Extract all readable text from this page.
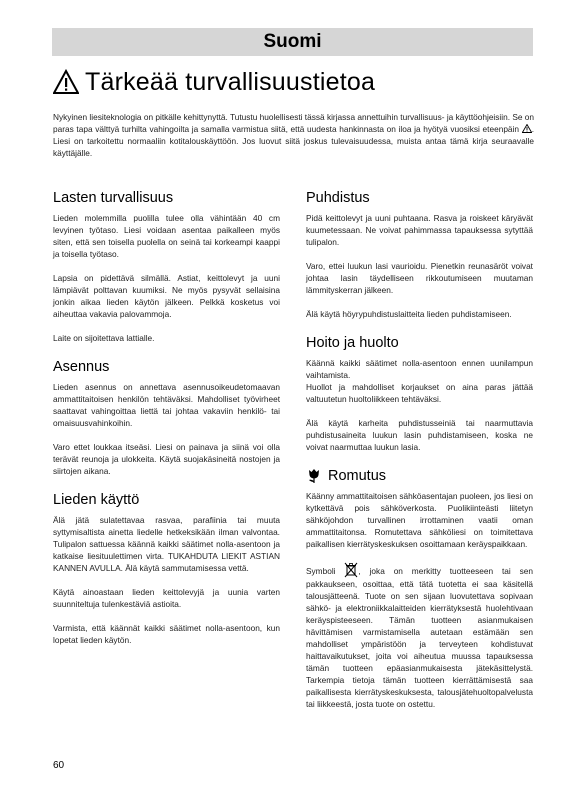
Suomi
Tärkeää turvallisuustietoa
Nykyinen liesiteknologia on pitkälle kehittynyttä. Tutustu huolellisesti tässä kirjassa annettuihin turvallisuus- ja käyttöohjeisiin. Se on paras tapa välttyä turhilta vahingoilta ja samalla varmistua siitä, että uudesta hankinnasta on iloa ja hyötyä vuosiksi eteenpäin . Liesi on tarkoitettu normaaliin kotitalouskäyttöön. Jos luovut siitä joskus tulevaisuudessa, muista antaa tämä kirja seuraavalle käyttäjälle.
Lasten turvallisuus

Lieden molemmilla puolilla tulee olla vähintään 40 cm levyinen työtaso. Liesi voidaan asentaa paikalleen myös siten, että sen toisella puolella on seinä tai korkeampi kaappi ja toisella työtaso.

Lapsia on pidettävä silmällä. Astiat, keittolevyt ja uuni lämpiävät polttavan kuumiksi. Ne myös pysyvät sellaisina jonkin aikaa lieden käytön jälkeen. Pelkkä kosketus voi aiheuttaa vakavia palovammoja.

Laite on sijoitettava lattialle.

Asennus

Lieden asennus on annettava asennusoikeudetomaavan ammattitaitoisen henkilön tehtäväksi. Mahdolliset työvirheet saattavat vahingoittaa liettä tai johtaa vakaviin henkilö- tai omaisuusvahinkoihin.

Varo ettet loukkaa itseäsi. Liesi on painava ja siinä voi olla terävät reunoja ja ulokkeita. Käytä suojakäsineitä nostojen ja siirtojen aikana.

Lieden käyttö

Älä jätä sulatettavaa rasvaa, parafiinia tai muuta syttymisaltista ainetta liedelle hetkeksikään ilman valvontaa. Tulipalon sattuessa käännä kaikki säätimet nolla-asentoon ja katkaise liesituulettimen virta. TUKAHDUTA LIEKIT ASTIAN KANNEN AVULLA. Älä käytä sammutamisessa vettä.

Käytä ainoastaan lieden keittolevyjä ja uunia varten suunniteltuja tulenkestäviä astioita.

Varmista, että käännät kaikki säätimet nolla-asentoon, kun lopetat lieden käytön.

Puhdistus

Pidä keittolevyt ja uuni puhtaana. Rasva ja roiskeet käryävät kuumetessaan. Ne voivat pahimmassa tapauksessa sytyttää tulipalon.

Varo, ettei luukun lasi vaurioidu. Pienetkin reunasäröt voivat johtaa lasin täydelliseen rikkoutumiseen muutaman lämmityskerran jälkeen.

Älä käytä höyrypuhdistuslaitteita lieden puhdistamiseen.

Hoito ja huolto

Käännä kaikki säätimet nolla-asentoon ennen uunilampun vaihtamista.

Huollot ja mahdolliset korjaukset on aina paras jättää valtuutetun huoltoliikkeen tehtäväksi.

Älä käytä karheita puhdistusseiniä tai naarmuttavia puhdistusaineita luukun lasin puhdistamiseen, koska ne voivat naarmuttaa luukun lasia.

Romutus

Käänny ammattitaitoisen sähköasentajan puoleen, jos liesi on kytkettävä pois sähköverkosta. Puolikiinteästi liitetyn sähköjohdon turvallinen irrottaminen vaatii oman ammattitaitonsa. Romutettava sähköliesi on toimitettava paikallisen kierrätyskeskuksen osoittamaan keräyspaikkaan.

Symboli	, joka on merkitty tuotteeseen tai sen pakkaukseen, osoittaa, että tätä tuotetta ei saa käsitellä talousjätteenä. Tuote on sen sijaan luovutettava sopivaan sähkö- ja elektroniikkalaitteiden kierrätyksestä huolehtivaan keräyspisteeseen. Tämän tuotteen asianmukaisen hävittämisen varmistamisella autetaan estämään sen mahdolliset ympäristöön ja terveyteen kohdistuvat haittavaikutukset, joita voi aiheutua muussa tapauksessa tämän tuotteen epäasianmukaisesta jätekäsittelystä. Tarkempia tietoja tämän tuotteen kierrättämisestä saa paikallisesta kierrätyskeskuksesta, talousjätehuoltopalvelusta tai liikkeestä, josta tuote on ostettu.

60
